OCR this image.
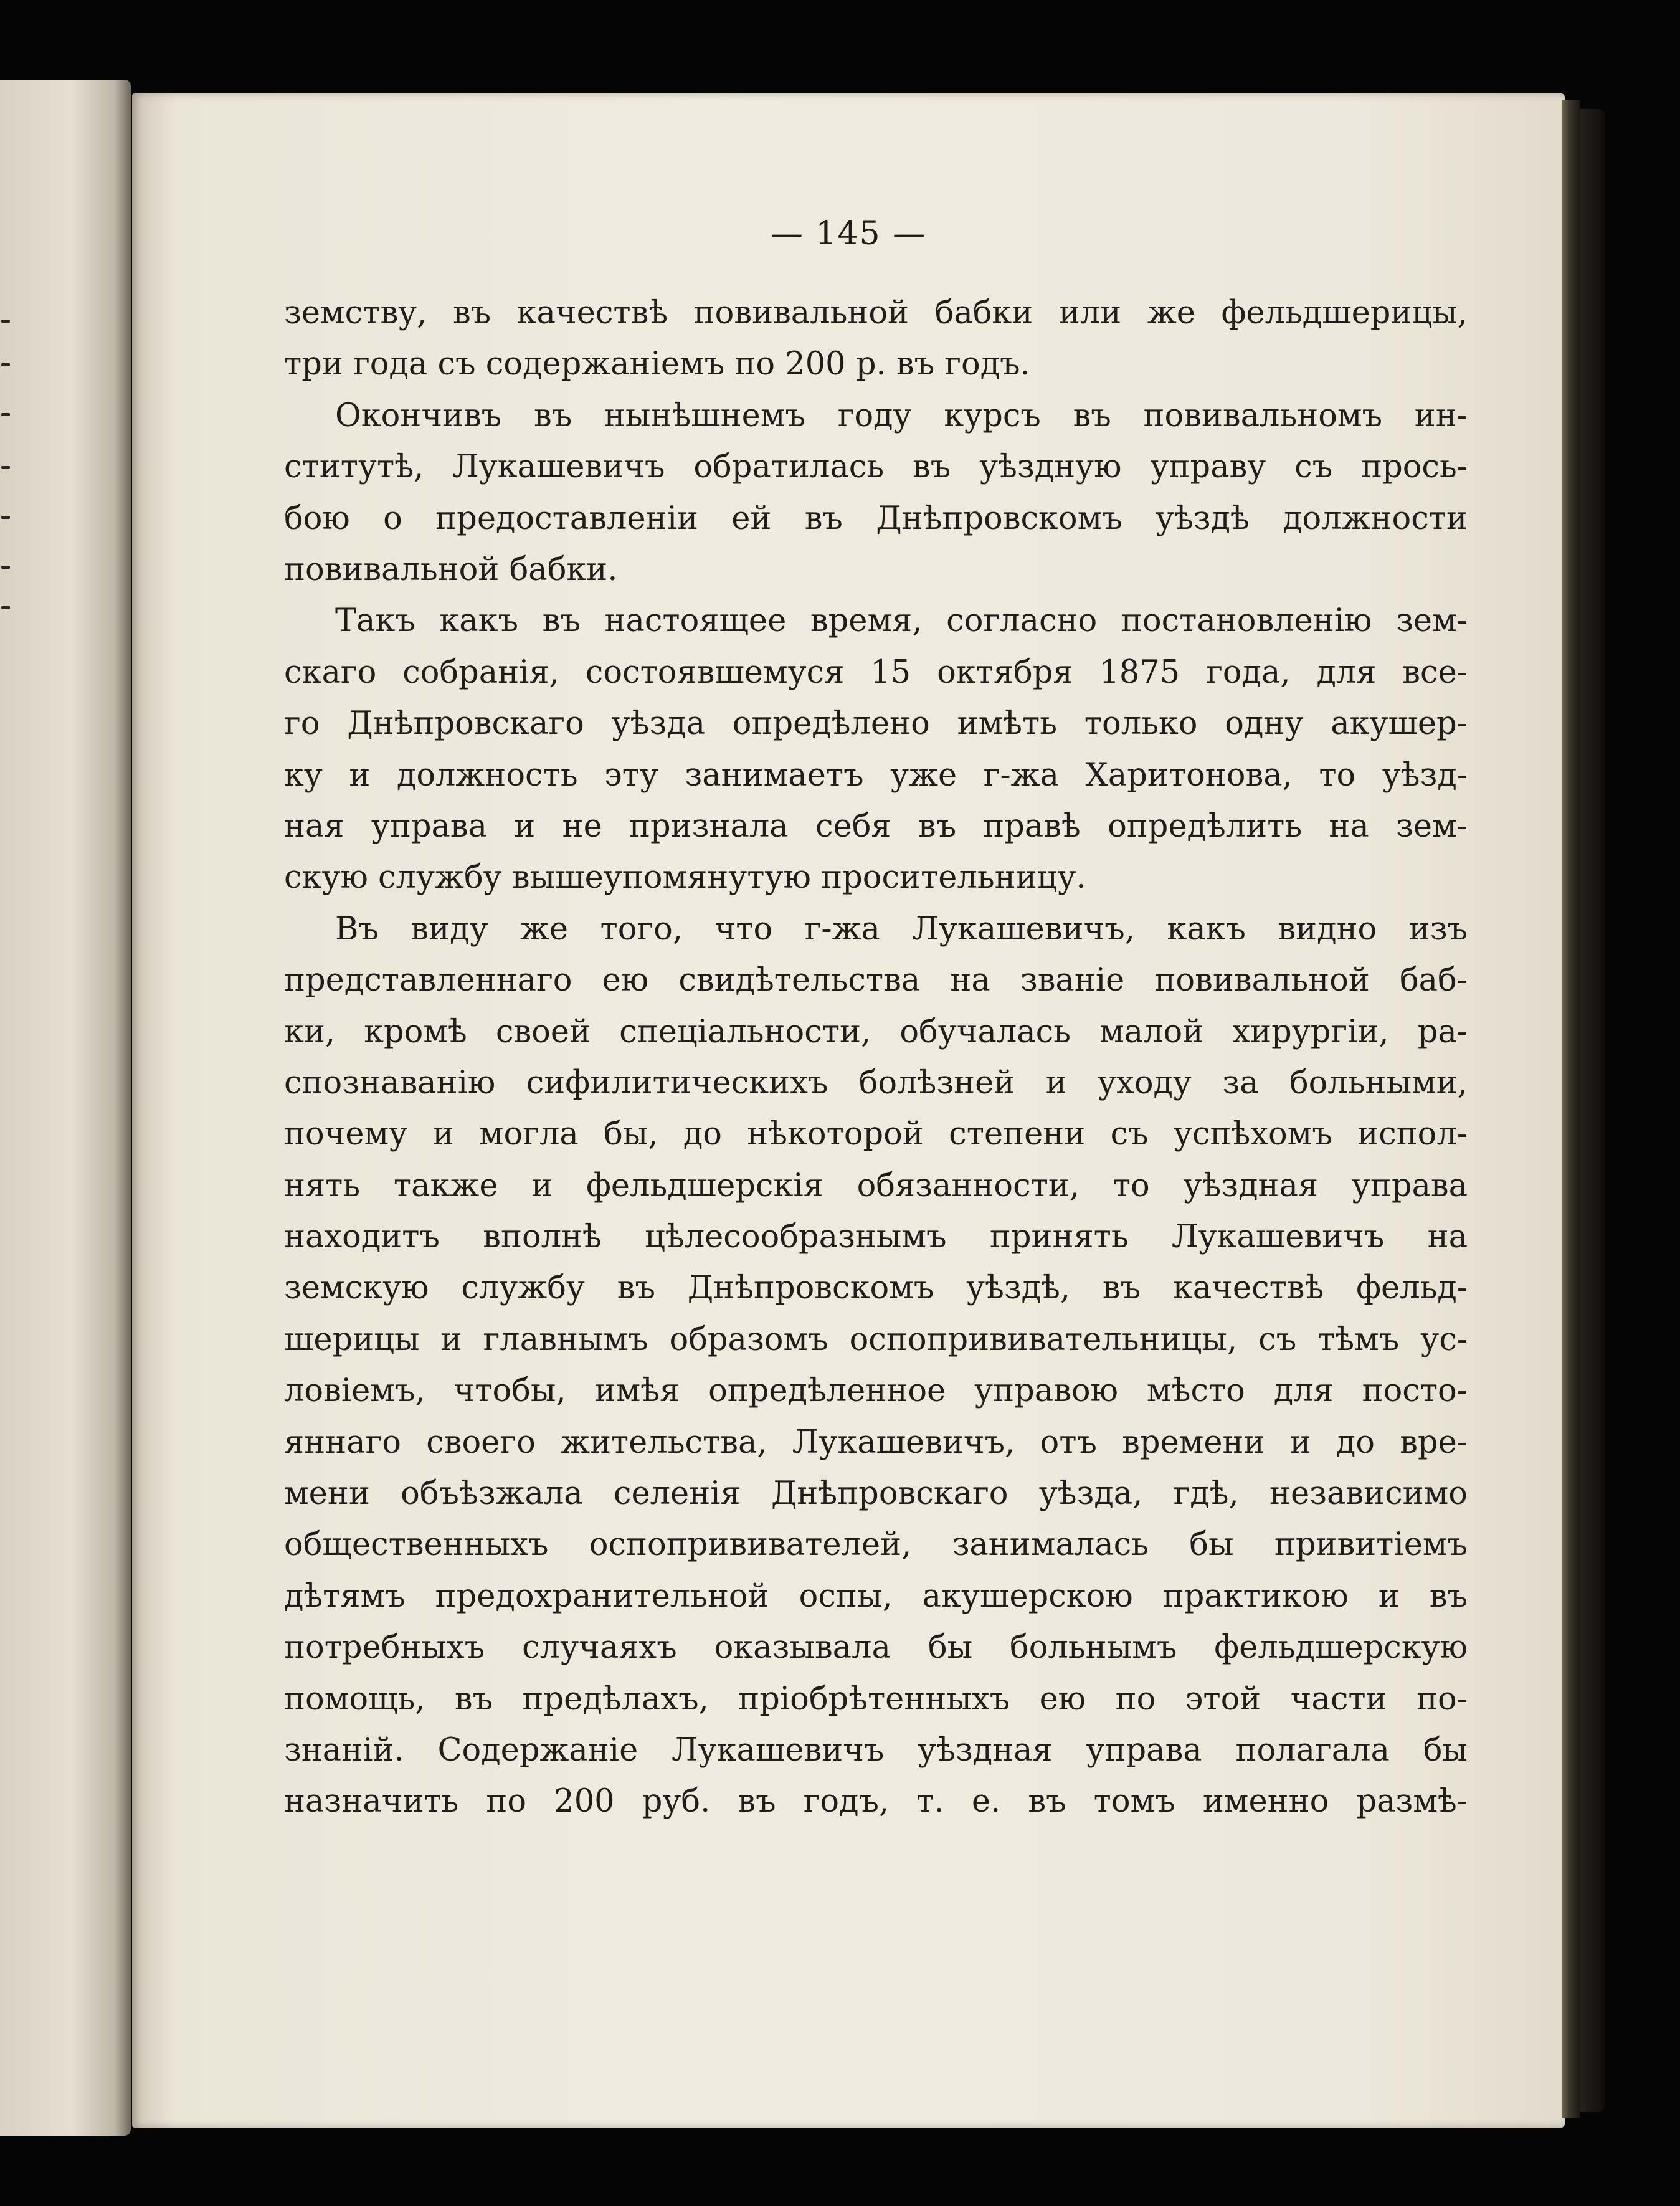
— 145 —
земству, въ качествѣ повивальной бабки или же фельдшерицы,
три года съ содержаніемъ по 200 р. въ годъ.
Окончивъ въ нынѣшнемъ году курсъ въ повивальномъ ин-
ститутѣ, Лукашевичъ обратилась въ уѣздную управу съ прось-
бою о предоставленіи ей въ Днѣпровскомъ уѣздѣ должности
повивальной бабки.
Такъ какъ въ настоящее время, согласно постановленію зем-
скаго собранія, состоявшемуся 15 октября 1875 года, для все-
го Днѣпровскаго уѣзда опредѣлено имѣть только одну акушер-
ку и должность эту занимаетъ уже г-жа Харитонова, то уѣзд-
ная управа и не признала себя въ правѣ опредѣлить на зем-
скую службу вышеупомянутую просительницу.
Въ виду же того, что г-жа Лукашевичъ, какъ видно изъ
представленнаго ею свидѣтельства на званіе повивальной баб-
ки, кромѣ своей спеціальности, обучалась малой хирургіи, ра-
спознаванію сифилитическихъ болѣзней и уходу за больными,
почему и могла бы, до нѣкоторой степени съ успѣхомъ испол-
нять также и фельдшерскія обязанности, то уѣздная управа
находитъ вполнѣ цѣлесообразнымъ принять Лукашевичъ на
земскую службу въ Днѣпровскомъ уѣздѣ, въ качествѣ фельд-
шерицы и главнымъ образомъ оспопрививательницы, съ тѣмъ ус-
ловіемъ, чтобы, имѣя опредѣленное управою мѣсто для посто-
яннаго своего жительства, Лукашевичъ, отъ времени и до вре-
мени объѣзжала селенія Днѣпровскаго уѣзда, гдѣ, независимо
общественныхъ оспопрививателей, занималась бы привитіемъ
дѣтямъ предохранительной оспы, акушерскою практикою и въ
потребныхъ случаяхъ оказывала бы больнымъ фельдшерскую
помощь, въ предѣлахъ, пріобрѣтенныхъ ею по этой части по-
знаній. Содержаніе Лукашевичъ уѣздная управа полагала бы
назначить по 200 руб. въ годъ, т. е. въ томъ именно размѣ-
